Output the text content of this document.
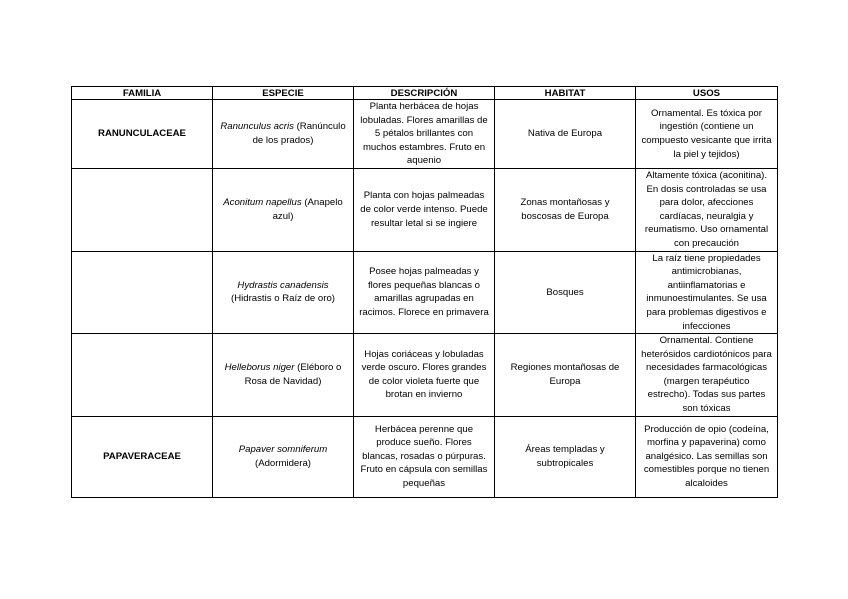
FAMILIA	ESPECIE	DESCRIPCIÓN	HABITAT	USOS
RANUNCULACEAE	Ranunculus acris (Ranúnculo de los prados)	Planta herbácea de hojas lobuladas. Flores amarillas de 5 pétalos brillantes con muchos estambres. Fruto en aquenio	Nativa de Europa	Ornamental. Es tóxica por ingestión (contiene un compuesto vesicante que irrita la piel y tejidos)
	Aconitum napellus (Anapelo azul)	Planta con hojas palmeadas de color verde intenso. Puede resultar letal si se ingiere	Zonas montañosas y boscosas de Europa	Altamente tóxica (aconitina). En dosis controladas se usa para dolor, afecciones cardíacas, neuralgia y reumatismo. Uso ornamental con precaución
	Hydrastis canadensis (Hidrastis o Raíz de oro)	Posee hojas palmeadas y flores pequeñas blancas o amarillas agrupadas en racimos. Florece en primavera	Bosques	La raíz tiene propiedades antimicrobianas, antiinflamatorias e inmunoestimulantes. Se usa para problemas digestivos e infecciones
	Helleborus niger (Eléboro o Rosa de Navidad)	Hojas coriáceas y lobuladas verde oscuro. Flores grandes de color violeta fuerte que brotan en invierno	Regiones montañosas de Europa	Ornamental. Contiene heterósidos cardiotónicos para necesidades farmacológicas (margen terapéutico estrecho). Todas sus partes son tóxicas
PAPAVERACEAE	Papaver somniferum (Adormidera)	Herbácea perenne que produce sueño. Flores blancas, rosadas o púrpuras. Fruto en cápsula con semillas pequeñas	Áreas templadas y subtropicales	Producción de opio (codeína, morfina y papaverina) como analgésico. Las semillas son comestibles porque no tienen alcaloides
